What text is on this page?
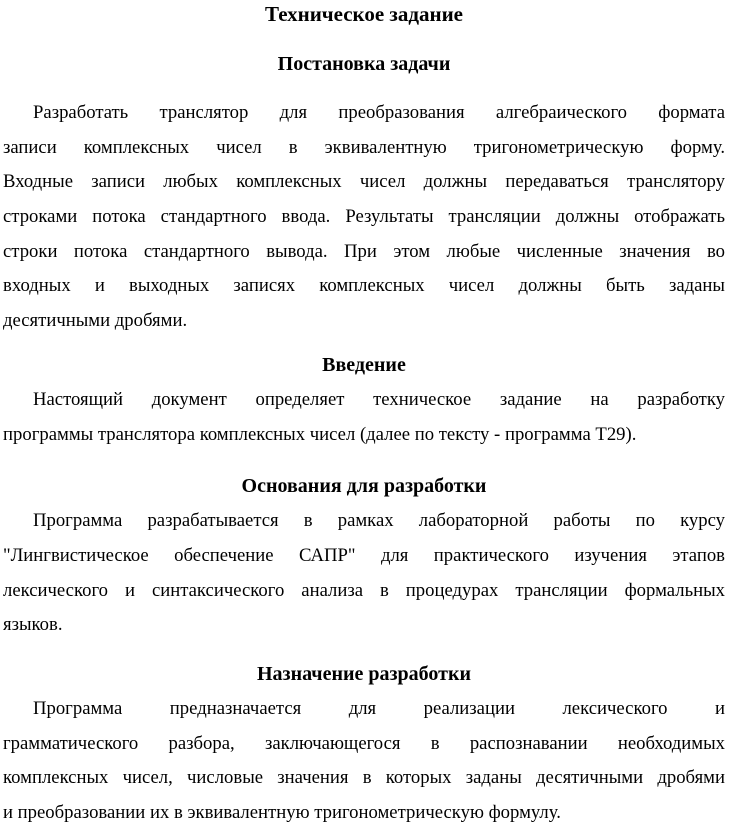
Техническое задание
Постановка задачи
Разработать транслятор для преобразования алгебраического формата
записи комплексных чисел в эквивалентную тригонометрическую форму.
Входные записи любых комплексных чисел должны передаваться транслятору
строками потока стандартного ввода. Результаты трансляции должны отображать
строки потока стандартного вывода. При этом любые численные значения во
входных и выходных записях комплексных чисел должны быть заданы
десятичными дробями.
Введение
Настоящий документ определяет техническое задание на разработку
программы транслятора комплексных чисел (далее по тексту - программа Т29).
Основания для разработки
Программа разрабатывается в рамках лабораторной работы по курсу
"Лингвистическое обеспечение САПР" для практического изучения этапов
лексического и синтаксического анализа в процедурах трансляции формальных
языков.
Назначение разработки
Программа предназначается для реализации лексического и
грамматического разбора, заключающегося в распознавании необходимых
комплексных чисел, числовые значения в которых заданы десятичными дробями
и преобразовании их в эквивалентную тригонометрическую формулу.
